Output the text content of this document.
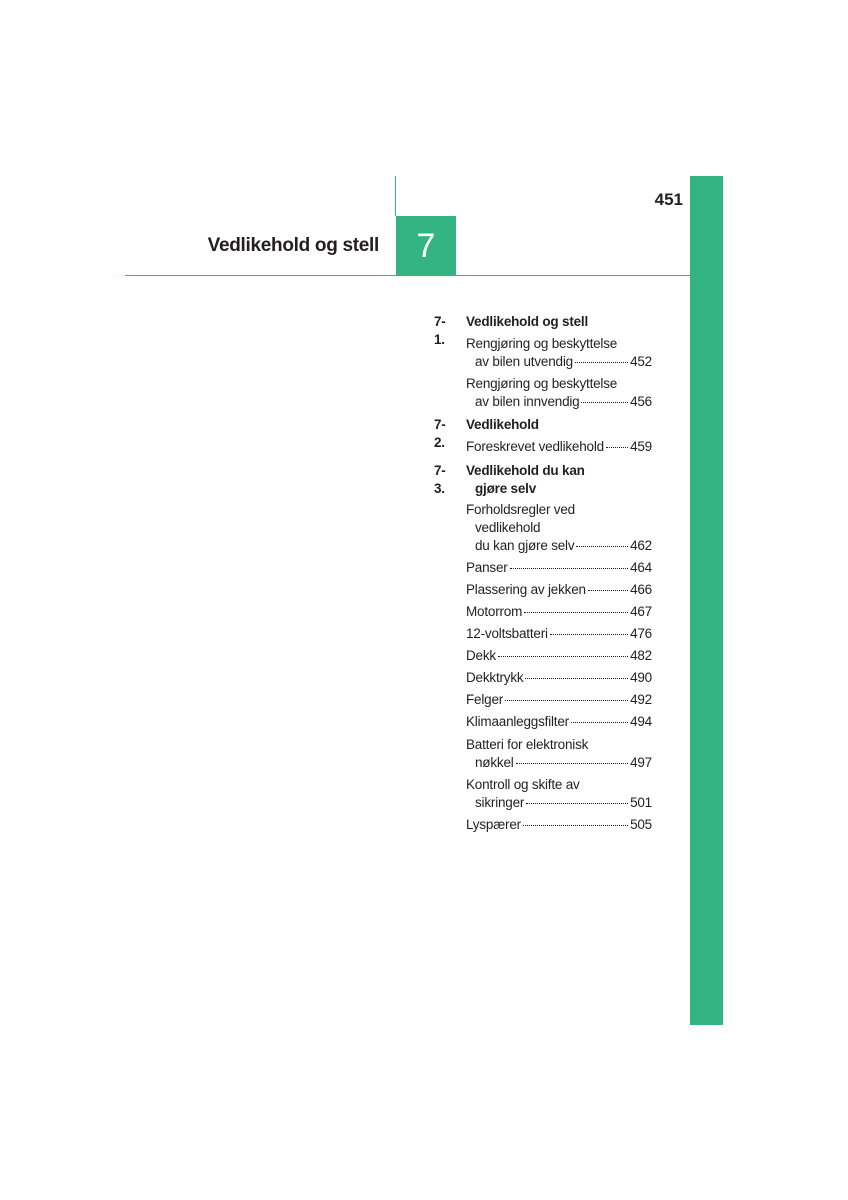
7
451
Vedlikehold og stell
7-1.
Vedlikehold og stell
Rengjøring og beskyttelse
av bilen utvendig	452
Rengjøring og beskyttelse
av bilen innvendig	456
7-2.
Vedlikehold
Foreskrevet vedlikehold 459
7-3.
Vedlikehold du kan
gjøre selv
Forholdsregler ved
vedlikehold
du kan gjøre selv	462
Panser	464
Plassering av jekken	466
Motorrom	467
12-voltsbatteri	476
Dekk	482
Dekktrykk	490
Felger	492
Klimaanleggsfilter	494
Batteri for elektronisk
nøkkel	497
Kontroll og skifte av
sikringer	501
Lyspærer	505
